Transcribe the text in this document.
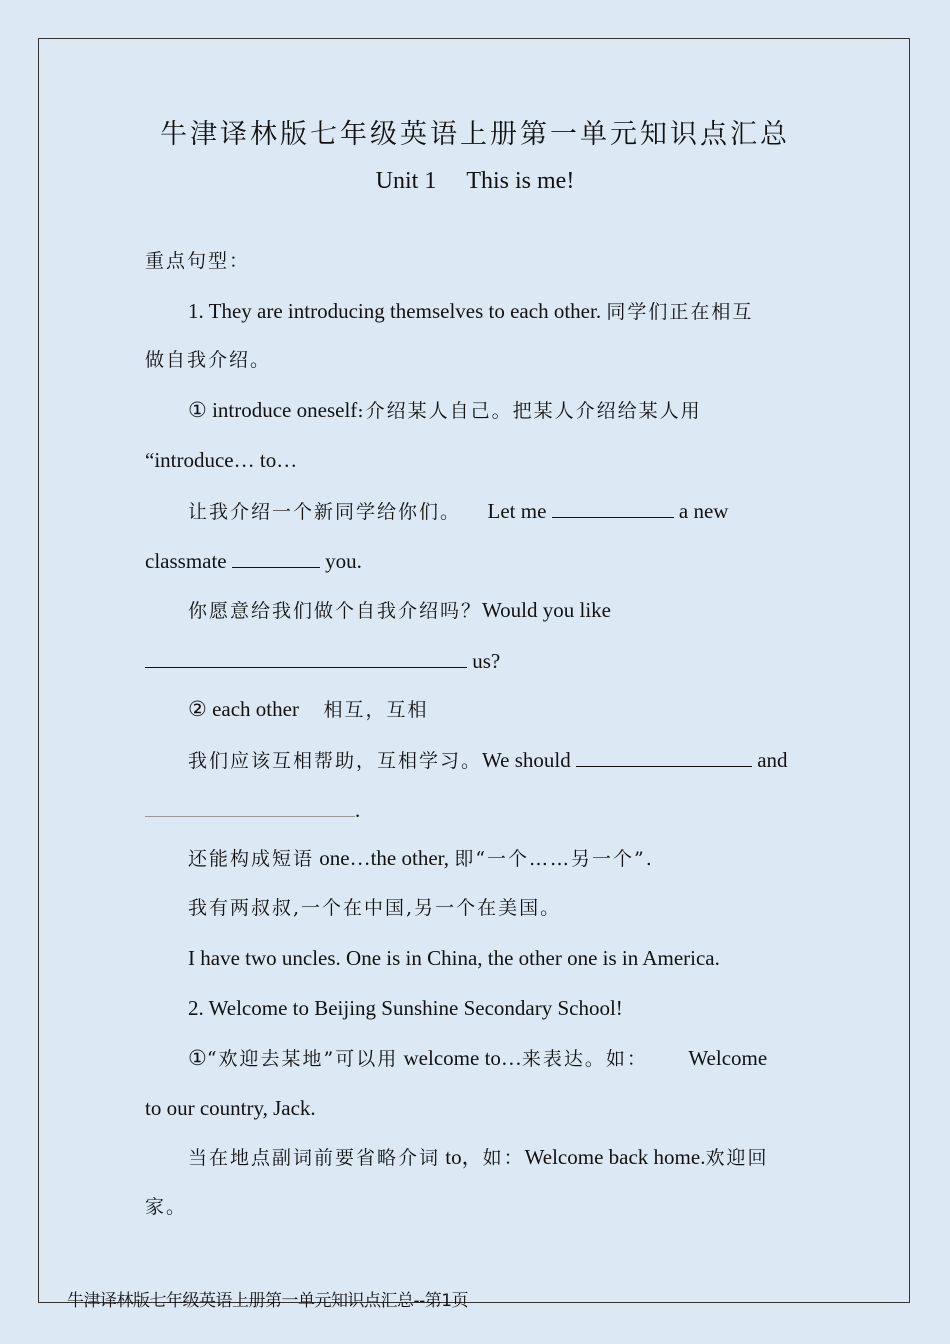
牛津译林版七年级英语上册第一单元知识点汇总
Unit 1 This is me!
重点句型：
1. They are introducing themselves to each other. 同学们正在相互
做自我介绍。
① introduce oneself:介绍某人自己。把某人介绍给某人用
“introduce… to…
让我介绍一个新同学给你们。 Let me	a new
classmate	you.
你愿意给我们做个自我介绍吗？Would you like
us?
② each other 相互，互相
我们应该互相帮助，互相学习。We should	and
.
还能构成短语 one…the other, 即“一个……另一个”.
我有两叔叔,一个在中国,另一个在美国。
I have two uncles. One is in China, the other one is in America.
2. Welcome to Beijing Sunshine Secondary School!
①“欢迎去某地”可以用 welcome to…来表达。如： Welcome
to our country, Jack.
当在地点副词前要省略介词 to，如：Welcome back home.欢迎回
家。
牛津译林版七年级英语上册第一单元知识点汇总--第1页
